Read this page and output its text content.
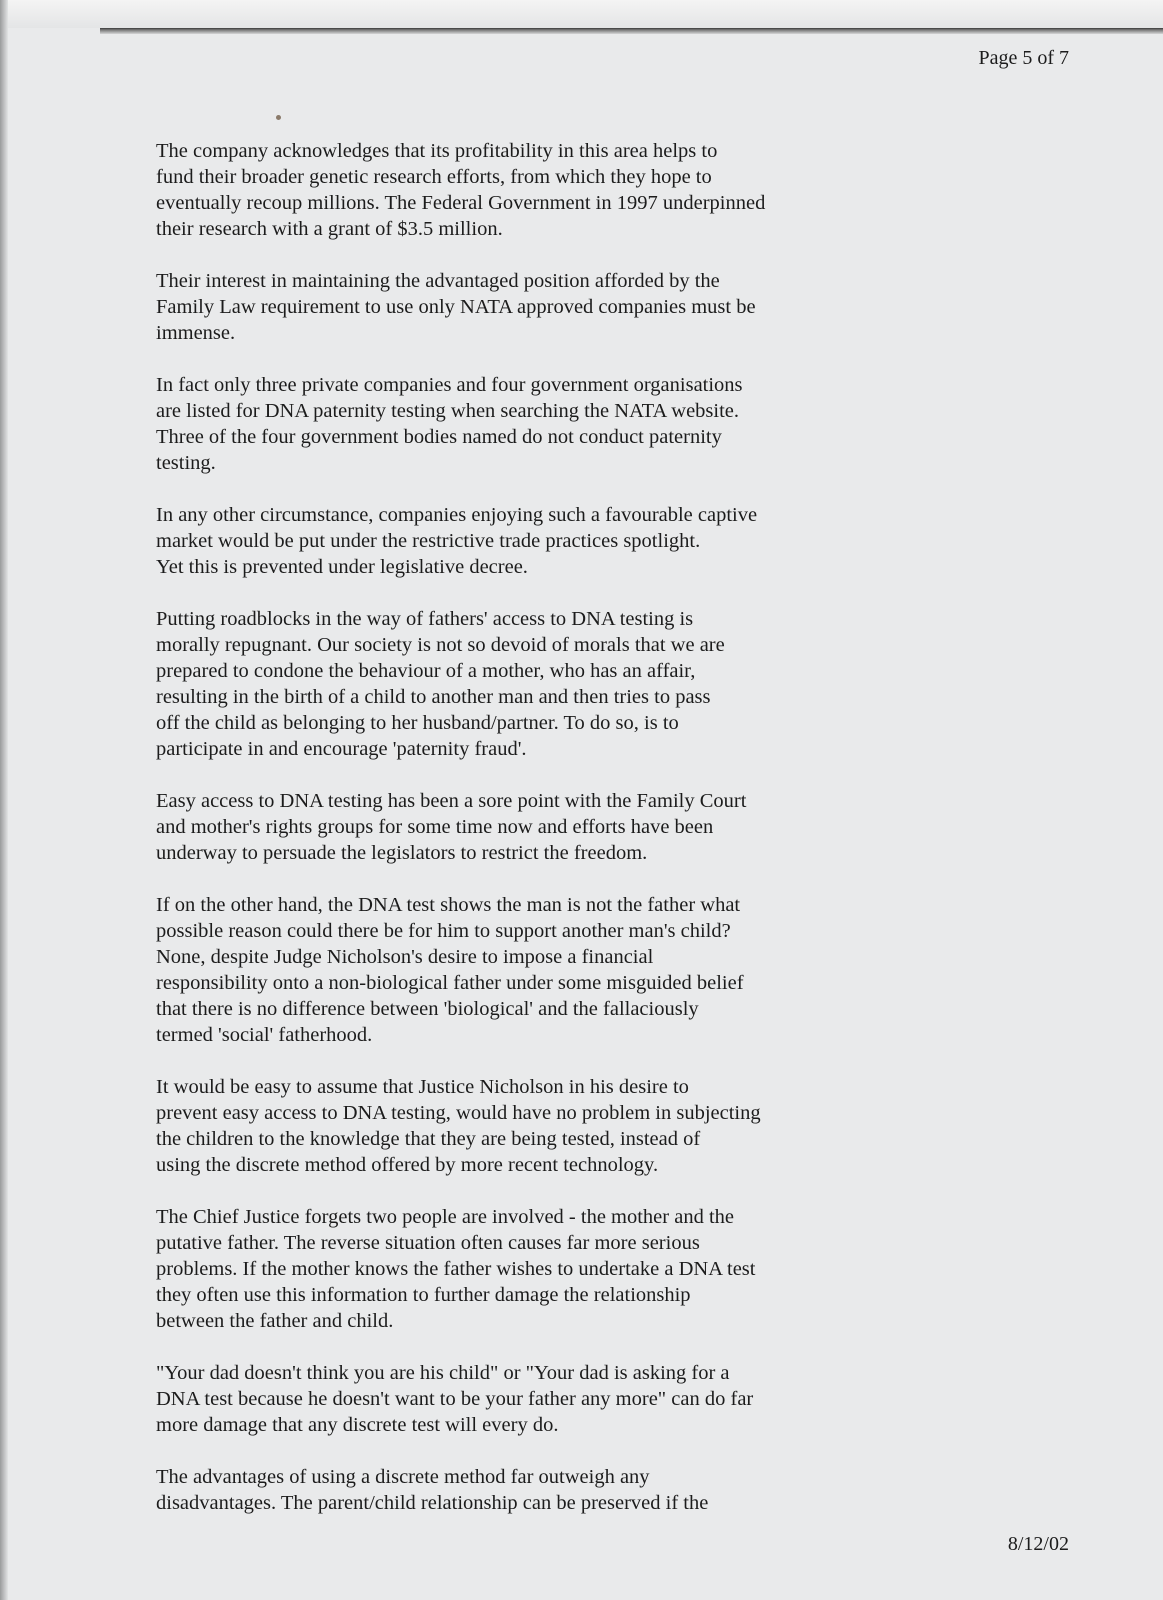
Page 5 of 7

The company acknowledges that its profitability in this area helps to
fund their broader genetic research efforts, from which they hope to
eventually recoup millions. The Federal Government in 1997 underpinned
their research with a grant of $3.5 million.

Their interest in maintaining the advantaged position afforded by the
Family Law requirement to use only NATA approved companies must be
immense.

In fact only three private companies and four government organisations
are listed for DNA paternity testing when searching the NATA website.
Three of the four government bodies named do not conduct paternity
testing.

In any other circumstance, companies enjoying such a favourable captive
market would be put under the restrictive trade practices spotlight.
Yet this is prevented under legislative decree.

Putting roadblocks in the way of fathers' access to DNA testing is
morally repugnant. Our society is not so devoid of morals that we are
prepared to condone the behaviour of a mother, who has an affair,
resulting in the birth of a child to another man and then tries to pass
off the child as belonging to her husband/partner. To do so, is to
participate in and encourage 'paternity fraud'.

Easy access to DNA testing has been a sore point with the Family Court
and mother's rights groups for some time now and efforts have been
underway to persuade the legislators to restrict the freedom.

If on the other hand, the DNA test shows the man is not the father what
possible reason could there be for him to support another man's child?
None, despite Judge Nicholson's desire to impose a financial
responsibility onto a non-biological father under some misguided belief
that there is no difference between 'biological' and the fallaciously
termed 'social' fatherhood.

It would be easy to assume that Justice Nicholson in his desire to
prevent easy access to DNA testing, would have no problem in subjecting
the children to the knowledge that they are being tested, instead of
using the discrete method offered by more recent technology.

The Chief Justice forgets two people are involved - the mother and the
putative father. The reverse situation often causes far more serious
problems. If the mother knows the father wishes to undertake a DNA test
they often use this information to further damage the relationship
between the father and child.

"Your dad doesn't think you are his child" or "Your dad is asking for a
DNA test because he doesn't want to be your father any more" can do far
more damage that any discrete test will every do.

The advantages of using a discrete method far outweigh any
disadvantages. The parent/child relationship can be preserved if the

8/12/02
